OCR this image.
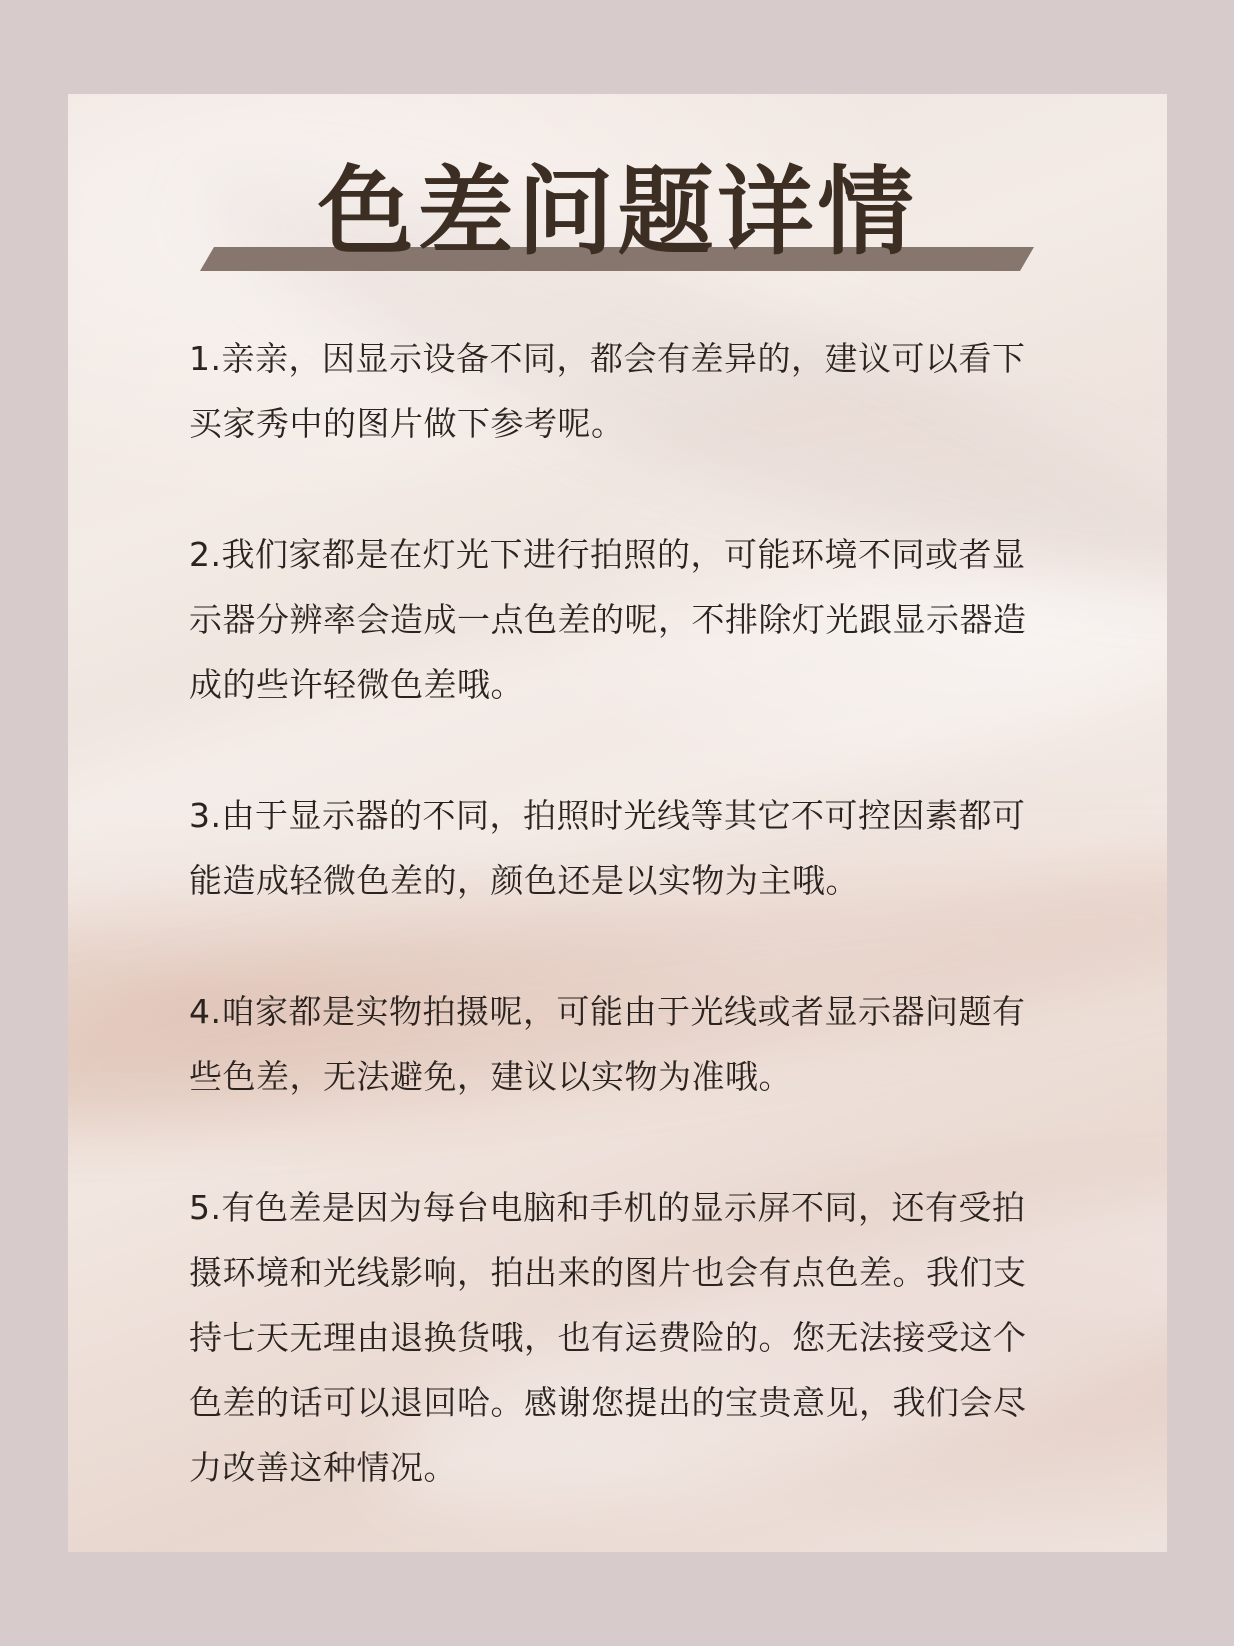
色差问题详情

1.亲亲，因显示设备不同，都会有差异的，建议可以看下买家秀中的图片做下参考呢。

2.我们家都是在灯光下进行拍照的，可能环境不同或者显示器分辨率会造成一点色差的呢，不排除灯光跟显示器造成的些许轻微色差哦。

3.由于显示器的不同，拍照时光线等其它不可控因素都可能造成轻微色差的，颜色还是以实物为主哦。

4.咱家都是实物拍摄呢，可能由于光线或者显示器问题有些色差，无法避免，建议以实物为准哦。

5.有色差是因为每台电脑和手机的显示屏不同，还有受拍摄环境和光线影响，拍出来的图片也会有点色差。我们支持七天无理由退换货哦，也有运费险的。您无法接受这个色差的话可以退回哈。感谢您提出的宝贵意见，我们会尽力改善这种情况。
